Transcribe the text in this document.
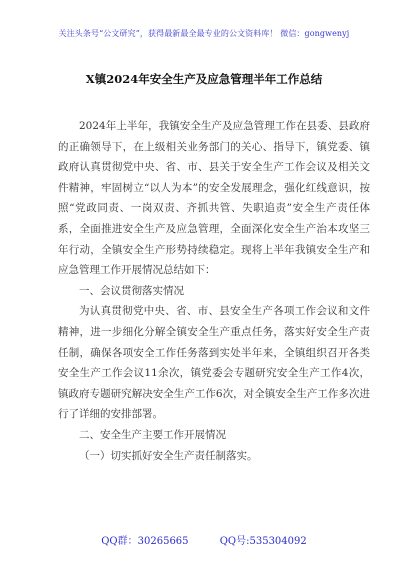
关注头条号“公文研究”，获得最新最全最专业的公文资料库！ 微信：gongwenyj
X镇2024年安全生产及应急管理半年工作总结

2024年上半年，我镇安全生产及应急管理工作在县委、县政府的正确领导下，在上级相关业务部门的关心、指导下，镇党委、镇政府认真贯彻党中央、省、市、县关于安全生产工作会议及相关文件精神，牢固树立“以人为本”的安全发展理念，强化红线意识，按照“党政同责、一岗双责、齐抓共管、失职追责”安全生产责任体系，全面推进安全生产及应急管理，全面深化安全生产治本攻坚三年行动，全镇安全生产形势持续稳定。现将上半年我镇安全生产和应急管理工作开展情况总结如下：

一、会议贯彻落实情况

为认真贯彻党中央、省、市、县安全生产各项工作会议和文件精神，进一步细化分解全镇安全生产重点任务，落实好安全生产责任制，确保各项安全工作任务落到实处半年来，全镇组织召开各类安全生产工作会议11余次，镇党委会专题研究安全生产工作4次，镇政府专题研究解决安全生产工作6次，对全镇安全生产工作多次进行了详细的安排部署。

二、安全生产主要工作开展情况

（一）切实抓好安全生产责任制落实。

QQ群：30265665	QQ号:535304092
